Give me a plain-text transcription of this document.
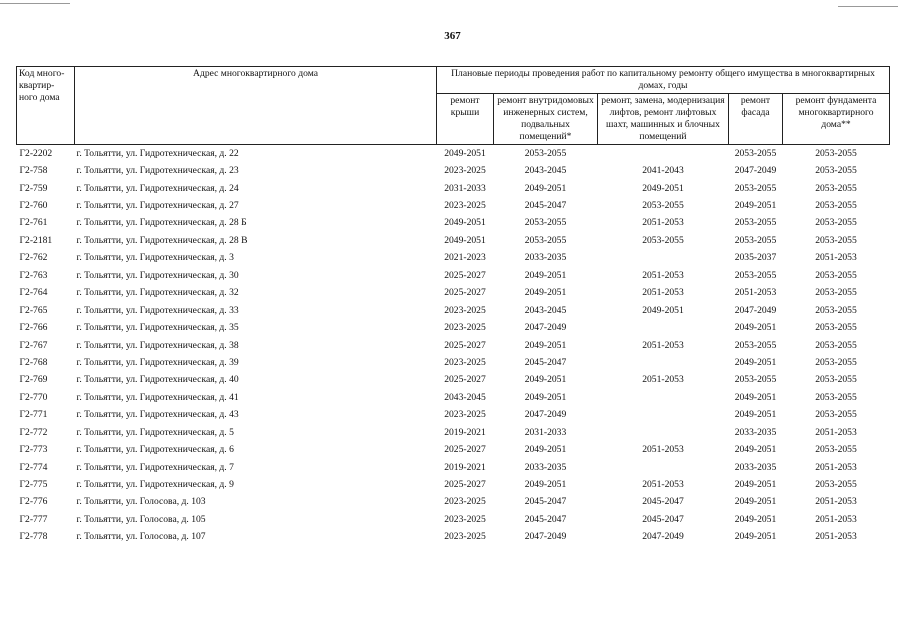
367
Код много-квартир-ного дома	Адрес многоквартирного дома	Плановые периоды проведения работ по капитальному ремонту общего имущества в многоквартирных домах, годы				
		ремонт крыши	ремонт внутридомовых инженерных систем, подвальных помещений*	ремонт, замена, модернизация лифтов, ремонт лифтовых шахт, машинных и блочных помещений	ремонт фасада	ремонт фундамента многоквартирного дома**
Г2-2202	г. Тольятти, ул. Гидротехническая, д. 22	2049-2051	2053-2055		2053-2055	2053-2055
Г2-758	г. Тольятти, ул. Гидротехническая, д. 23	2023-2025	2043-2045	2041-2043	2047-2049	2053-2055
Г2-759	г. Тольятти, ул. Гидротехническая, д. 24	2031-2033	2049-2051	2049-2051	2053-2055	2053-2055
Г2-760	г. Тольятти, ул. Гидротехническая, д. 27	2023-2025	2045-2047	2053-2055	2049-2051	2053-2055
Г2-761	г. Тольятти, ул. Гидротехническая, д. 28 Б	2049-2051	2053-2055	2051-2053	2053-2055	2053-2055
Г2-2181	г. Тольятти, ул. Гидротехническая, д. 28 В	2049-2051	2053-2055	2053-2055	2053-2055	2053-2055
Г2-762	г. Тольятти, ул. Гидротехническая, д. 3	2021-2023	2033-2035		2035-2037	2051-2053
Г2-763	г. Тольятти, ул. Гидротехническая, д. 30	2025-2027	2049-2051	2051-2053	2053-2055	2053-2055
Г2-764	г. Тольятти, ул. Гидротехническая, д. 32	2025-2027	2049-2051	2051-2053	2051-2053	2053-2055
Г2-765	г. Тольятти, ул. Гидротехническая, д. 33	2023-2025	2043-2045	2049-2051	2047-2049	2053-2055
Г2-766	г. Тольятти, ул. Гидротехническая, д. 35	2023-2025	2047-2049		2049-2051	2053-2055
Г2-767	г. Тольятти, ул. Гидротехническая, д. 38	2025-2027	2049-2051	2051-2053	2053-2055	2053-2055
Г2-768	г. Тольятти, ул. Гидротехническая, д. 39	2023-2025	2045-2047		2049-2051	2053-2055
Г2-769	г. Тольятти, ул. Гидротехническая, д. 40	2025-2027	2049-2051	2051-2053	2053-2055	2053-2055
Г2-770	г. Тольятти, ул. Гидротехническая, д. 41	2043-2045	2049-2051		2049-2051	2053-2055
Г2-771	г. Тольятти, ул. Гидротехническая, д. 43	2023-2025	2047-2049		2049-2051	2053-2055
Г2-772	г. Тольятти, ул. Гидротехническая, д. 5	2019-2021	2031-2033		2033-2035	2051-2053
Г2-773	г. Тольятти, ул. Гидротехническая, д. 6	2025-2027	2049-2051	2051-2053	2049-2051	2053-2055
Г2-774	г. Тольятти, ул. Гидротехническая, д. 7	2019-2021	2033-2035		2033-2035	2051-2053
Г2-775	г. Тольятти, ул. Гидротехническая, д. 9	2025-2027	2049-2051	2051-2053	2049-2051	2053-2055
Г2-776	г. Тольятти, ул. Голосова, д. 103	2023-2025	2045-2047	2045-2047	2049-2051	2051-2053
Г2-777	г. Тольятти, ул. Голосова, д. 105	2023-2025	2045-2047	2045-2047	2049-2051	2051-2053
Г2-778	г. Тольятти, ул. Голосова, д. 107	2023-2025	2047-2049	2047-2049	2049-2051	2051-2053
